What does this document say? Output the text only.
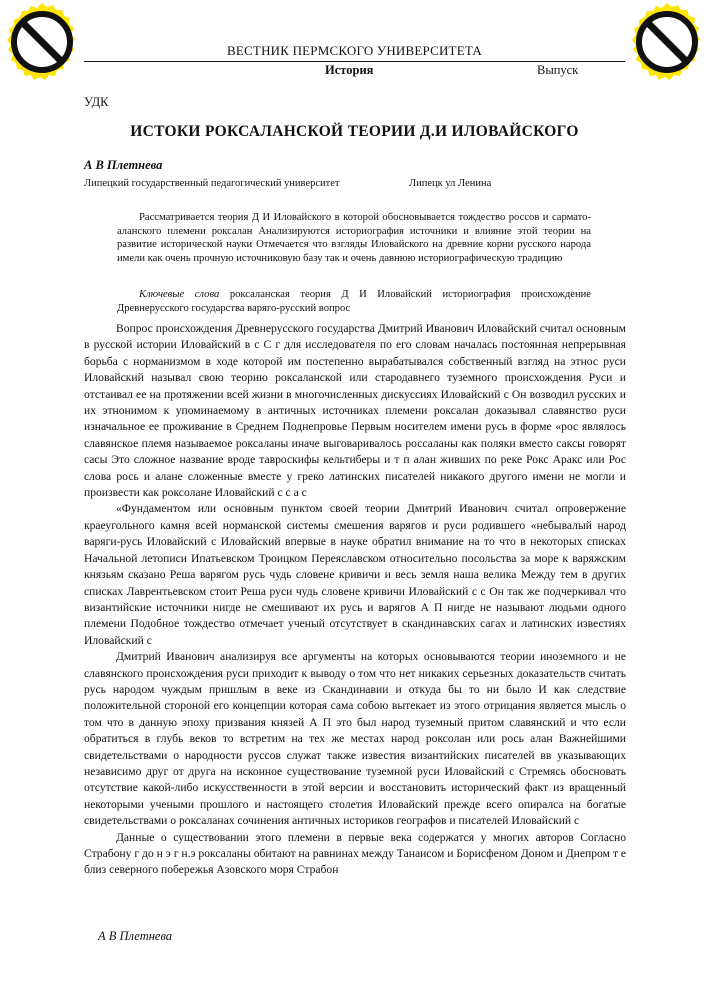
ВЕСТНИК ПЕРМСКОГО УНИВЕРСИТЕТА
История	Выпуск
УДК
ИСТОКИ РОКСАЛАНСКОЙ ТЕОРИИ Д.И ИЛОВАЙСКОГО
А В Плетнева
Липецкий государственный педагогический университет	Липецк ул Ленина

Рассматривается теория Д И Иловайского в которой обосновывается тождество россов и сармато-аланского племени роксалан Анализируются историография источники и влияние этой теории на развитие исторической науки Отмечается что взгляды Иловайского на древние корни русского народа имели как очень прочную источниковую базу так и очень давнюю историографическую традицию

Ключевые слова роксаланская теория Д И Иловайский историография происхождение Древнерусского государства варяго-русский вопрос

Вопрос происхождения Древнерусского государства Дмитрий Иванович Иловайский считал основным в русской истории Иловайский в с С г для исследователя по его словам началась постоянная непрерывная борьба с норманизмом в ходе которой им постепенно вырабатывался собственный взгляд на этнос руси Иловайский называл свою теорию роксаланской или стародавнего туземного происхождения Руси и отстаивал ее на протяжении всей жизни в многочисленных дискуссиях Иловайский с Он возводил русских и их этнонимом к упоминаемому в античных источниках племени роксалан доказывал славянство руси изначальное ее проживание в Среднем Поднепровье Первым носителем имени русь в форме «рос являлось славянское племя называемое роксаланы иначе выговаривалось россаланы как поляки вместо саксы говорят сасы Это сложное название вроде тавроскифы кельтиберы и т п алан живших по реке Рокс Аракс или Рос слова рось и алане сложенные вместе у греко латинских писателей никакого другого имени не могли и произвести как роксолане Иловайский с с а с

«Фундаментом или основным пунктом своей теории Дмитрий Иванович считал опровержение краеугольного камня всей норманской системы смешения варягов и руси родившего «небывалый народ варяги-русь Иловайский с Иловайский впервые в науке обратил внимание на то что в некоторых списках Начальной летописи Ипатьевском Троицком Переяславском относительно посольства за море к варяжским князьям сказано Реша варягом русь чудь словене кривичи и весь земля наша велика Между тем в других списках Лаврентьевском стоит Реша руси чудь словене кривичи Иловайский с с Он так же подчеркивал что византийские источники нигде не смешивают их русь и варягов А П нигде не называют людьми одного племени Подобное тождество отмечает ученый отсутствует в скандинавских сагах и латинских известиях Иловайский с

Дмитрий Иванович анализируя все аргументы на которых основываются теории иноземного и не славянского происхождения руси приходит к выводу о том что нет никаких серьезных доказательств считать русь народом чуждым пришлым в веке из Скандинавии и откуда бы то ни было И как следствие положительной стороной его концепции которая сама собою вытекает из этого отрицания является мысль о том что в данную эпоху призвания князей А П это был народ туземный притом славянский и что если обратиться в глубь веков то встретим на тех же местах народ роксолан или рось алан Важнейшими свидетельствами о народности руссов служат также известия византийских писателей вв указывающих независимо друг от друга на исконное существование туземной руси Иловайский с Стремясь обосновать отсутствие какой-либо искусственности в этой версии и восстановить исторический факт из вращенный некоторыми учеными прошлого и настоящего столетия Иловайский прежде всего опиралса на богатые свидетельствами о роксаланах сочинения античных историков географов и писателей Иловайский с

Данные о существовании этого племени в первые века содержатся у многих авторов Согласно Страбону г до н э г н.э роксаланы обитают на равнинах между Танаисом и Борисфеном Доном и Днепром т е близ северного побережья Азовского моря Страбон

А В Плетнева
